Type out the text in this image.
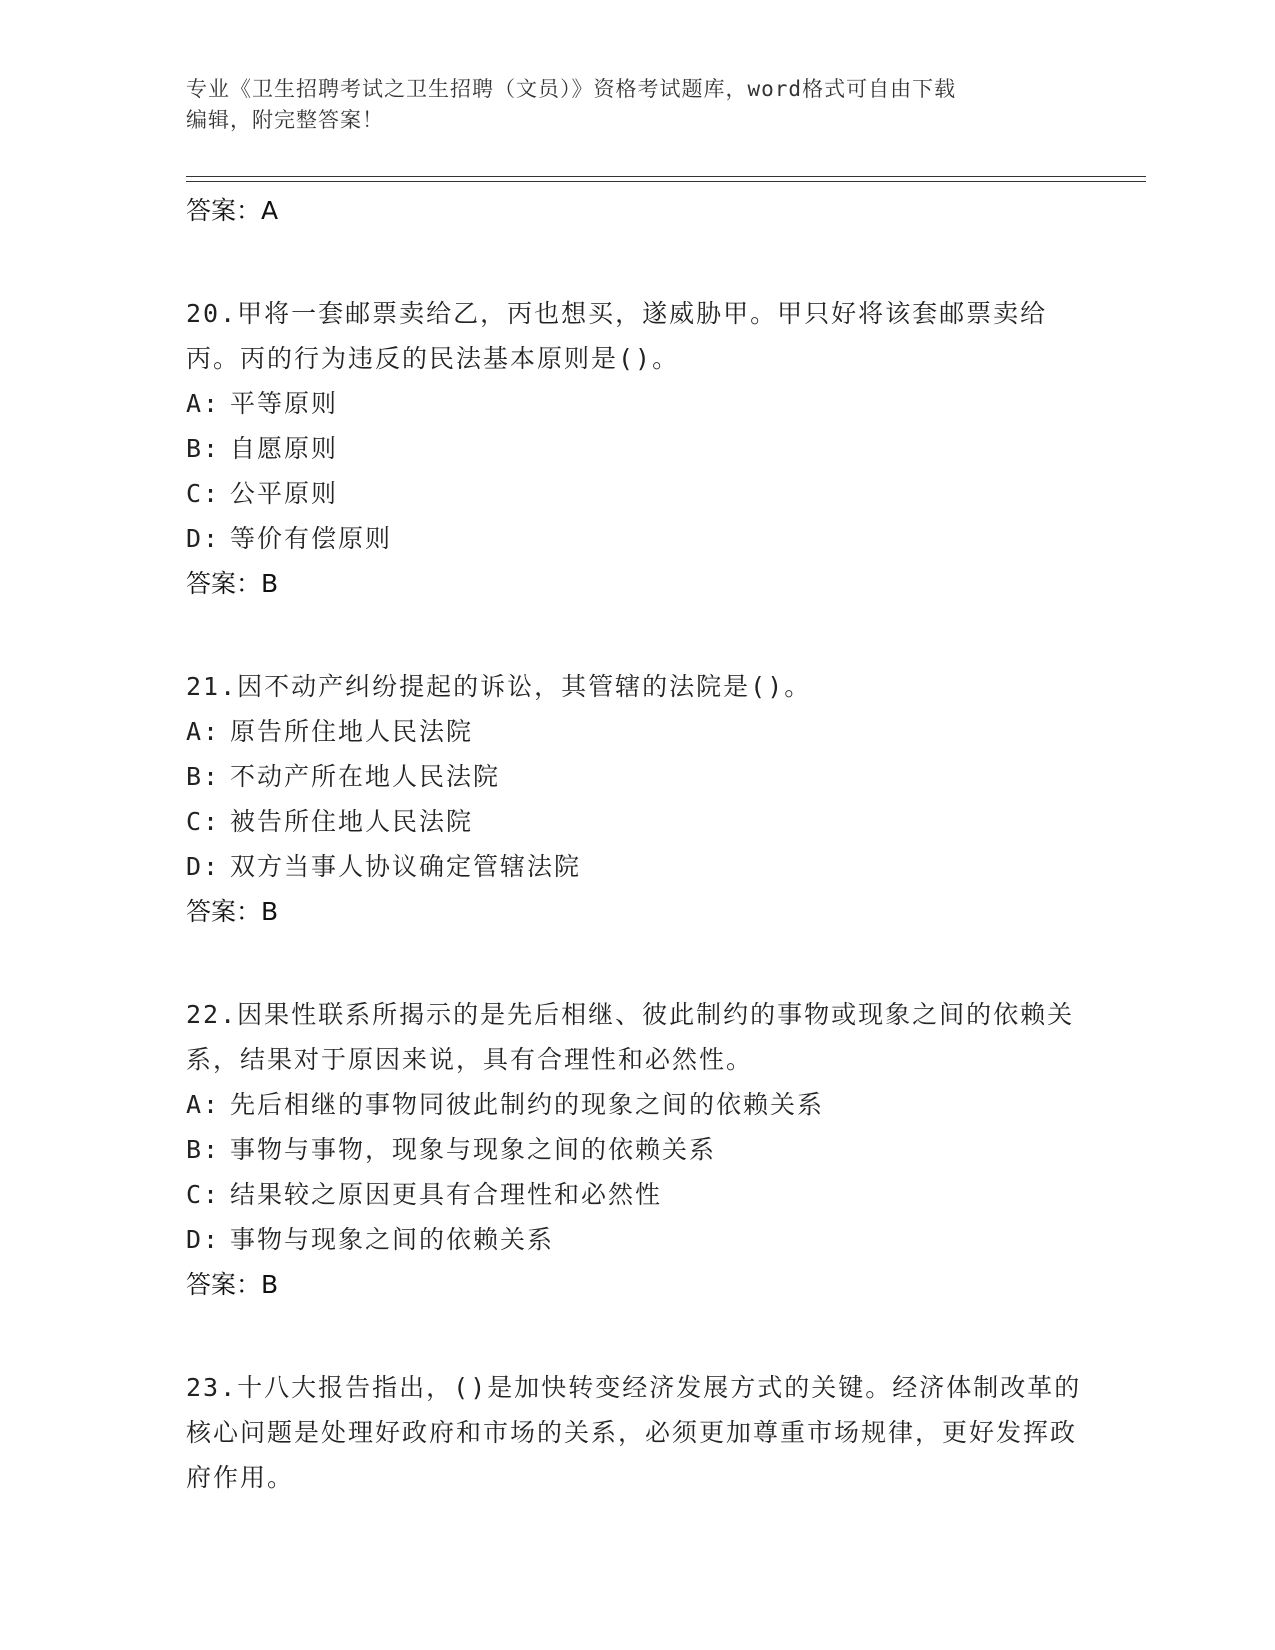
专业《卫生招聘考试之卫生招聘（文员）》资格考试题库，word格式可自由下载
编辑，附完整答案！
答案：A
20.甲将一套邮票卖给乙，丙也想买，遂威胁甲。甲只好将该套邮票卖给丙。丙的行为违反的民法基本原则是()。
A: 平等原则
B: 自愿原则
C: 公平原则
D: 等价有偿原则
答案：B
21.因不动产纠纷提起的诉讼，其管辖的法院是()。
A: 原告所住地人民法院
B: 不动产所在地人民法院
C: 被告所住地人民法院
D: 双方当事人协议确定管辖法院
答案：B
22.因果性联系所揭示的是先后相继、彼此制约的事物或现象之间的依赖关系，结果对于原因来说，具有合理性和必然性。
A: 先后相继的事物同彼此制约的现象之间的依赖关系
B: 事物与事物，现象与现象之间的依赖关系
C: 结果较之原因更具有合理性和必然性
D: 事物与现象之间的依赖关系
答案：B
23.十八大报告指出，()是加快转变经济发展方式的关键。经济体制改革的核心问题是处理好政府和市场的关系，必须更加尊重市场规律，更好发挥政府作用。
